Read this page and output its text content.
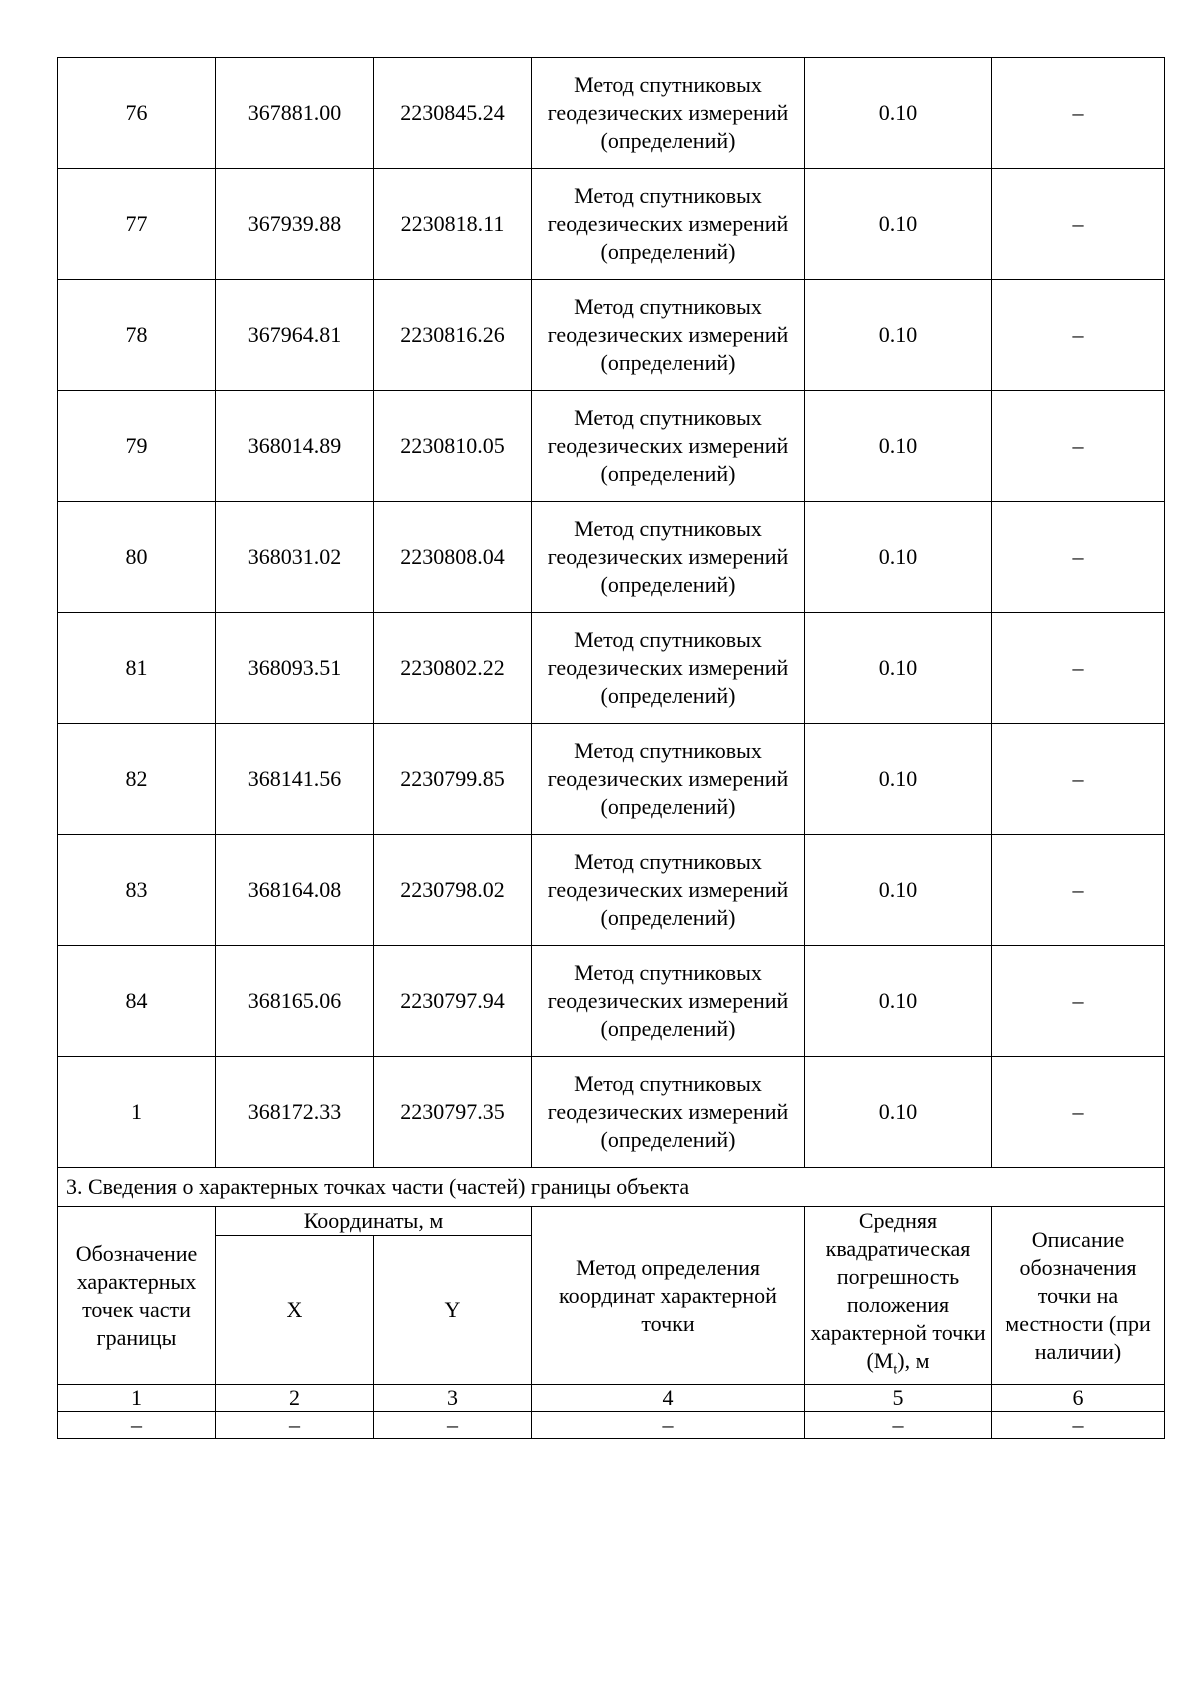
76	367881.00	2230845.24	Метод спутниковых геодезических измерений (определений)	0.10	–
77	367939.88	2230818.11	Метод спутниковых геодезических измерений (определений)	0.10	–
78	367964.81	2230816.26	Метод спутниковых геодезических измерений (определений)	0.10	–
79	368014.89	2230810.05	Метод спутниковых геодезических измерений (определений)	0.10	–
80	368031.02	2230808.04	Метод спутниковых геодезических измерений (определений)	0.10	–
81	368093.51	2230802.22	Метод спутниковых геодезических измерений (определений)	0.10	–
82	368141.56	2230799.85	Метод спутниковых геодезических измерений (определений)	0.10	–
83	368164.08	2230798.02	Метод спутниковых геодезических измерений (определений)	0.10	–
84	368165.06	2230797.94	Метод спутниковых геодезических измерений (определений)	0.10	–
1	368172.33	2230797.35	Метод спутниковых геодезических измерений (определений)	0.10	–
3. Сведения о характерных точках части (частей) границы объекта					
Обозначение характерных точек части границы	Координаты, м		Метод определения координат характерной точки	Средняя квадратическая погрешность положения характерной точки $(M_t)$, м	Описание обозначения точки на местности (при наличии)
	X	Y			
1	2	3	4	5	6
–	–	–	–	–	–
